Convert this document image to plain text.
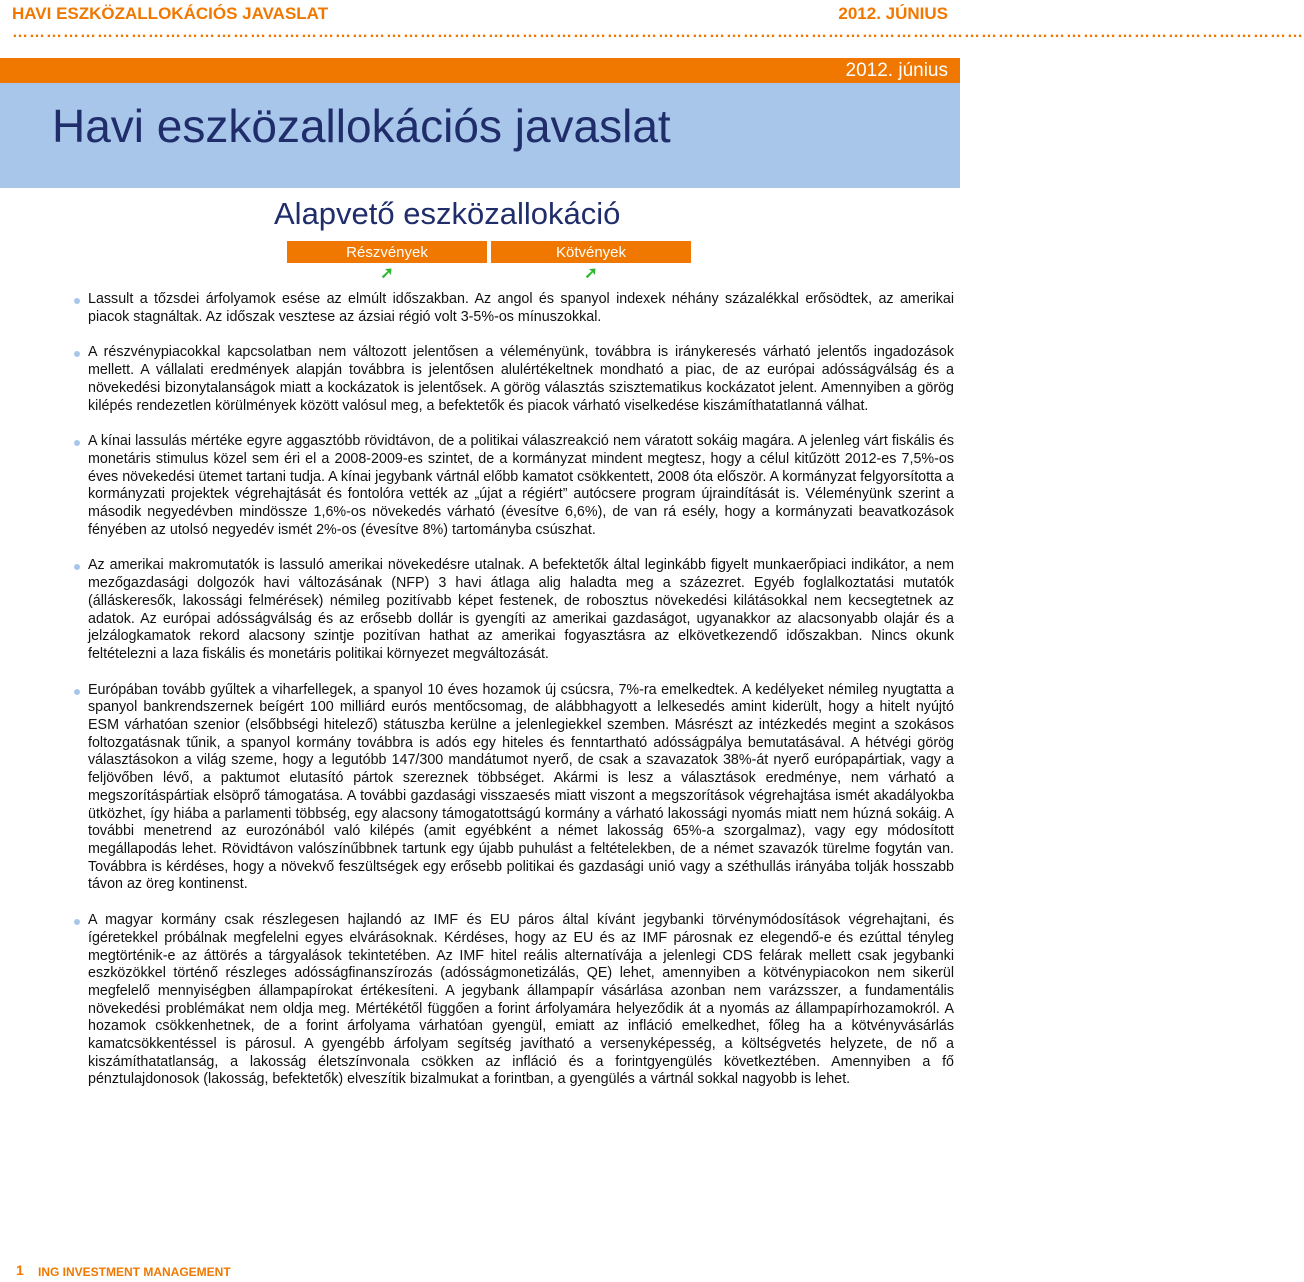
HAVI ESZKÖZALLOKÁCIÓS JAVASLAT	2012. JÚNIUS
…………………………………………………………………………………………………………………………………………………………………………………………………………
2012. június
Havi eszközallokációs javaslat
Alapvető eszközallokáció
Részvények	Kötvények
➚	➚
Lassult a tőzsdei árfolyamok esése az elmúlt időszakban. Az angol és spanyol indexek néhány százalékkal erősödtek, az amerikai piacok stagnáltak. Az időszak vesztese az ázsiai régió volt 3-5%-os mínuszokkal.
A részvénypiacokkal kapcsolatban nem változott jelentősen a véleményünk, továbbra is iránykeresés várható jelentős ingadozások mellett. A vállalati eredmények alapján továbbra is jelentősen alulértékeltnek mondható a piac, de az európai adósságválság és a növekedési bizonytalanságok miatt a kockázatok is jelentősek. A görög választás szisztematikus kockázatot jelent. Amennyiben a görög kilépés rendezetlen körülmények között valósul meg, a befektetők és piacok várható viselkedése kiszámíthatatlanná válhat.
A kínai lassulás mértéke egyre aggasztóbb rövidtávon, de a politikai válaszreakció nem váratott sokáig magára. A jelenleg várt fiskális és monetáris stimulus közel sem éri el a 2008-2009-es szintet, de a kormányzat mindent megtesz, hogy a célul kitűzött 2012-es 7,5%-os éves növekedési ütemet tartani tudja. A kínai jegybank vártnál előbb kamatot csökkentett, 2008 óta először. A kormányzat felgyorsította a kormányzati projektek végrehajtását és fontolóra vették az „újat a régiért” autócsere program újraindítását is. Véleményünk szerint a második negyedévben mindössze 1,6%-os növekedés várható (évesítve 6,6%), de van rá esély, hogy a kormányzati beavatkozások fényében az utolsó negyedév ismét 2%-os (évesítve 8%) tartományba csúszhat.
Az amerikai makromutatók is lassuló amerikai növekedésre utalnak. A befektetők által leginkább figyelt munkaerőpiaci indikátor, a nem mezőgazdasági dolgozók havi változásának (NFP) 3 havi átlaga alig haladta meg a százezret. Egyéb foglalkoztatási mutatók (álláskeresők, lakossági felmérések) némileg pozitívabb képet festenek, de robosztus növekedési kilátásokkal nem kecsegtetnek az adatok. Az európai adósságválság és az erősebb dollár is gyengíti az amerikai gazdaságot, ugyanakkor az alacsonyabb olajár és a jelzálogkamatok rekord alacsony szintje pozitívan hathat az amerikai fogyasztásra az elkövetkezendő időszakban. Nincs okunk feltételezni a laza fiskális és monetáris politikai környezet megváltozását.
Európában tovább gyűltek a viharfellegek, a spanyol 10 éves hozamok új csúcsra, 7%-ra emelkedtek. A kedélyeket némileg nyugtatta a spanyol bankrendszernek beígért 100 milliárd eurós mentőcsomag, de alábbhagyott a lelkesedés amint kiderült, hogy a hitelt nyújtó ESM várhatóan szenior (elsőbbségi hitelező) státuszba kerülne a jelenlegiekkel szemben. Másrészt az intézkedés megint a szokásos foltozgatásnak tűnik, a spanyol kormány továbbra is adós egy hiteles és fenntartható adósságpálya bemutatásával. A hétvégi görög választásokon a világ szeme, hogy a legutóbb 147/300 mandátumot nyerő, de csak a szavazatok 38%-át nyerő európapártiak, vagy a feljövőben lévő, a paktumot elutasító pártok szereznek többséget. Akármi is lesz a választások eredménye, nem várható a megszorításpártiak elsöprő támogatása. A további gazdasági visszaesés miatt viszont a megszorítások végrehajtása ismét akadályokba ütközhet, így hiába a parlamenti többség, egy alacsony támogatottságú kormány a várható lakossági nyomás miatt nem húzná sokáig. A további menetrend az eurozónából való kilépés (amit egyébként a német lakosság 65%-a szorgalmaz), vagy egy módosított megállapodás lehet. Rövidtávon valószínűbbnek tartunk egy újabb puhulást a feltételekben, de a német szavazók türelme fogytán van. Továbbra is kérdéses, hogy a növekvő feszültségek egy erősebb politikai és gazdasági unió vagy a széthullás irányába tolják hosszabb távon az öreg kontinenst.
A magyar kormány csak részlegesen hajlandó az IMF és EU páros által kívánt jegybanki törvénymódosítások végrehajtani, és ígéretekkel próbálnak megfelelni egyes elvárásoknak. Kérdéses, hogy az EU és az IMF párosnak ez elegendő-e és ezúttal tényleg megtörténik-e az áttörés a tárgyalások tekintetében. Az IMF hitel reális alternatívája a jelenlegi CDS felárak mellett csak jegybanki eszközökkel történő részleges adósságfinanszírozás (adósságmonetizálás, QE) lehet, amennyiben a kötvénypiacokon nem sikerül megfelelő mennyiségben állampapírokat értékesíteni. A jegybank állampapír vásárlása azonban nem varázsszer, a fundamentális növekedési problémákat nem oldja meg. Mértékétől függően a forint árfolyamára helyeződik át a nyomás az állampapírhozamokról. A hozamok csökkenhetnek, de a forint árfolyama várhatóan gyengül, emiatt az infláció emelkedhet, főleg ha a kötvényvásárlás kamatcsökkentéssel is párosul. A gyengébb árfolyam segítség javítható a versenyképesség, a költségvetés helyzete, de nő a kiszámíthatatlanság, a lakosság életszínvonala csökken az infláció és a forintgyengülés következtében. Amennyiben a fő pénztulajdonosok (lakosság, befektetők) elveszítik bizalmukat a forintban, a gyengülés a vártnál sokkal nagyobb is lehet.
1 ING INVESTMENT MANAGEMENT
